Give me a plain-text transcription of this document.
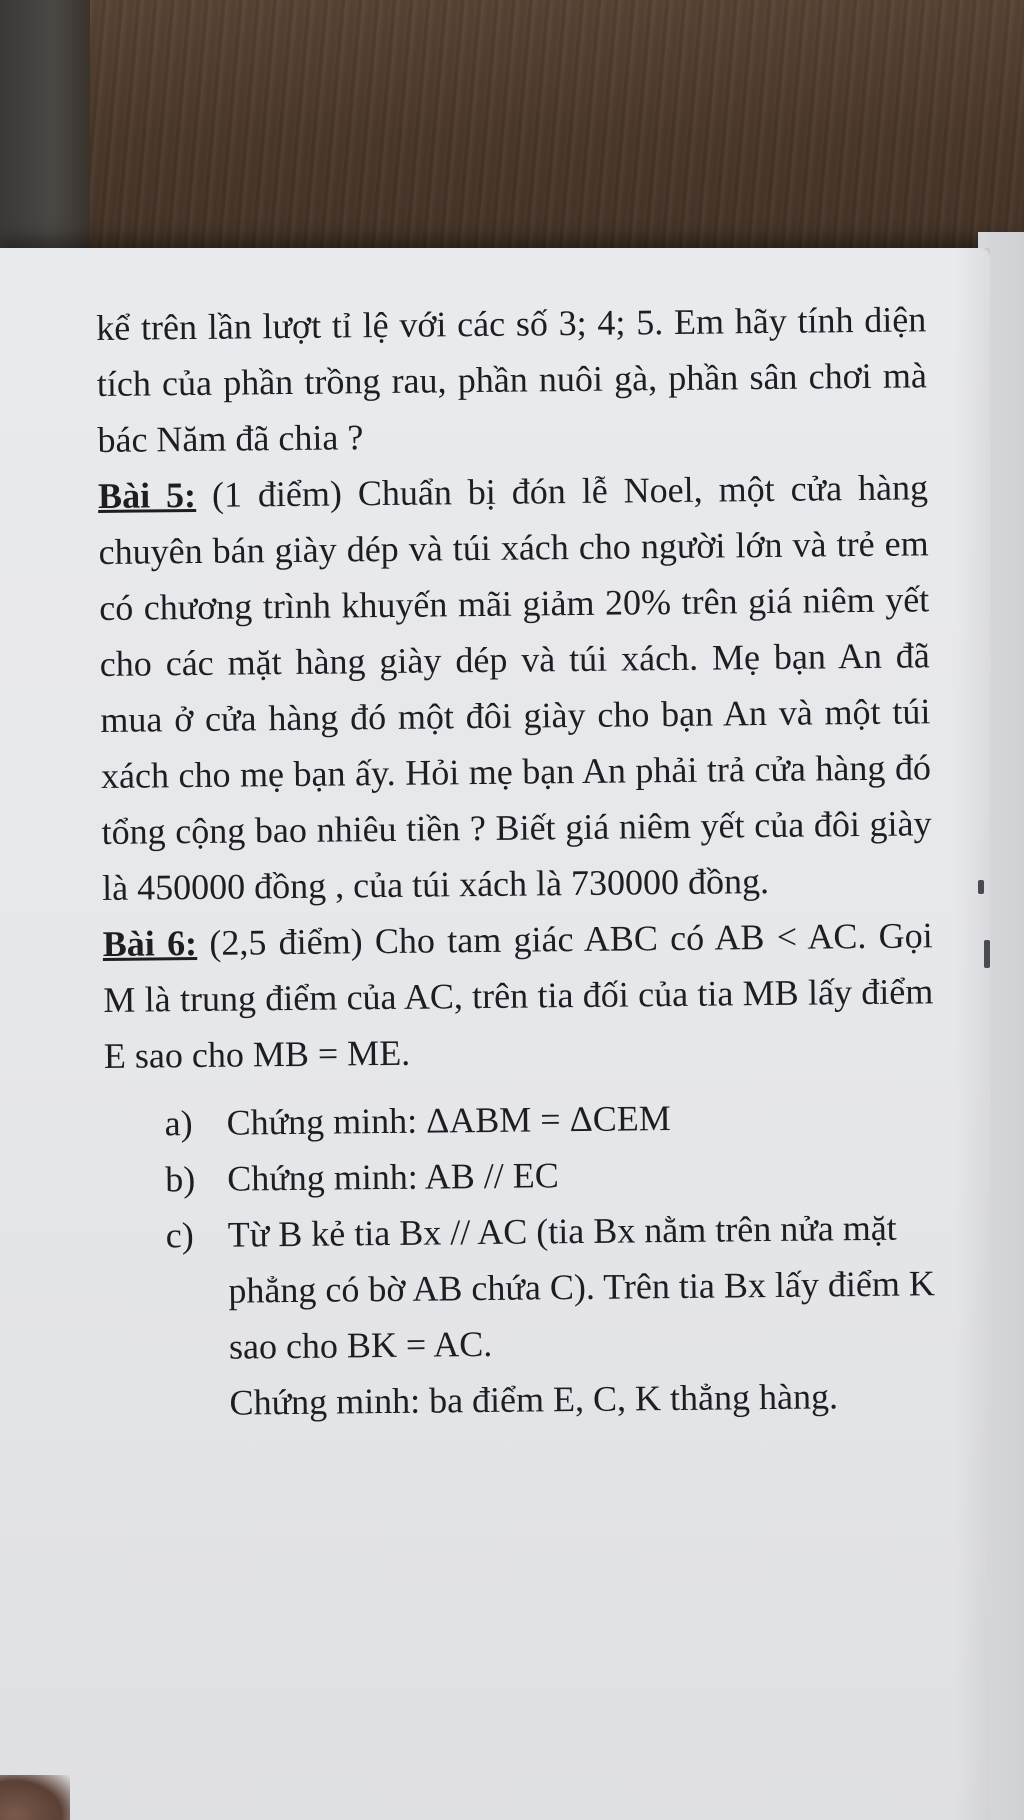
kể trên lần lượt tỉ lệ với các số 3; 4; 5. Em hãy tính diện tích của phần trồng rau, phần nuôi gà, phần sân chơi mà bác Năm đã chia ?

Bài 5: (1 điểm) Chuẩn bị đón lễ Noel, một cửa hàng chuyên bán giày dép và túi xách cho người lớn và trẻ em có chương trình khuyến mãi giảm 20% trên giá niêm yết cho các mặt hàng giày dép và túi xách. Mẹ bạn An đã mua ở cửa hàng đó một đôi giày cho bạn An và một túi xách cho mẹ bạn ấy. Hỏi mẹ bạn An phải trả cửa hàng đó tổng cộng bao nhiêu tiền ? Biết giá niêm yết của đôi giày là 450000 đồng , của túi xách là 730000 đồng.

Bài 6: (2,5 điểm) Cho tam giác ABC có AB < AC. Gọi M là trung điểm của AC, trên tia đối của tia MB lấy điểm E sao cho MB = ME.

a) Chứng minh: ΔABM = ΔCEM
b) Chứng minh: AB // EC
c) Từ B kẻ tia Bx // AC (tia Bx nằm trên nửa mặt phẳng có bờ AB chứa C). Trên tia Bx lấy điểm K sao cho BK = AC.
Chứng minh: ba điểm E, C, K thẳng hàng.
